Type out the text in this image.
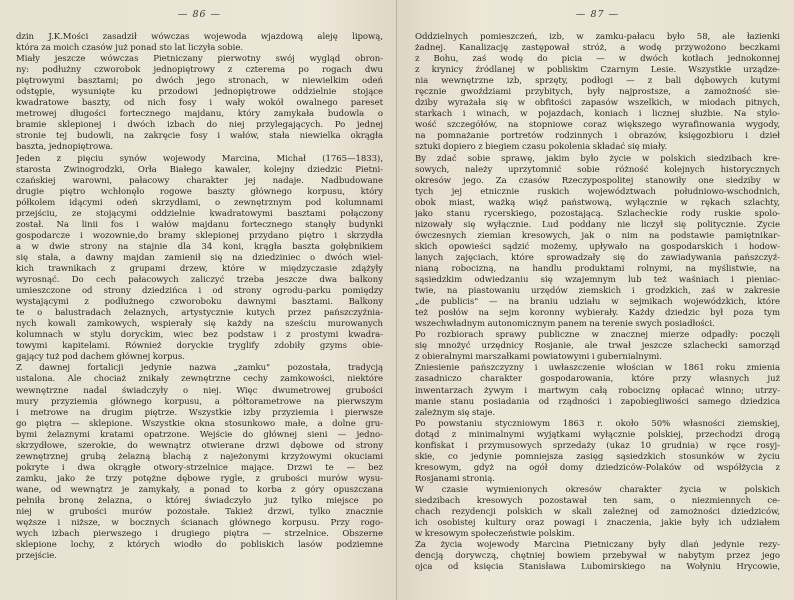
— 86 —
dzin J.K.Mości zasadził wówczas wojewoda wjazdową aleję lipową,
która za moich czasów już ponad sto lat liczyła sobie.
Miały jeszcze wówczas Pietniczany pierwotny swój wygląd obron-
ny: podłużny czworobok jednopiętrowy z czterema po rogach dwu
piętrowymi basztami; po dwóch jego stronach, w niewielkim odeń
odstępie, wysunięte ku przodowi jednopiętrowe oddzielnie stojące
kwadratowe baszty, od nich fosy i wały wokół owalnego pareset
metrowej długości fortecznego majdanu, który zamykała budowla o
bramie sklepionej i dwóch izbach do niej przylegających. Po jednej
stronie tej budowli, na zakręcie fosy i wałów, stała niewielka okrągła
baszta, jednopiętrowa.
Jeden z pięciu synów wojewody Marcina, Michał (1765—1833),
starosta Zwinogrodzki, Orła Białego kawaler, kolejny dziedzic Pietni-
czańskiej warowni, pałacowy charakter jej nadaje. Nadbudowane
drugie piętro wchłonęło rogowe baszty głównego korpusu, który
półkolem idącymi odeń skrzydłami, o zewnętrznym pod kolumnami
przejściu, ze stojącymi oddzielnie kwadratowymi basztami połączony
został. Na linii fos i wałów majdanu fortecznego stanęły budynki
gospodarcze i wozownie,do bramy sklepionej przydano piętro i skrzydła
a w dwie strony na stajnie dla 34 koni, krągła baszta gołębnikiem
się stała, a dawny majdan zamienił się na dziedziniec o dwóch wiel-
kich trawnikach z grupami drzew, które w międzyczasie zdążyły
wyrosnąć. Do cech pałacowych zaliczyć trzeba jeszcze dwa balkony
umieszczone od strony dziedzińca i od strony ogrodu-parku pomiędzy
wystającymi z podłużnego czworoboku dawnymi basztami. Balkony
te o balustradach żelaznych, artystycznie kutych przez pańszczyźnia-
nych kowali zamkowych, wspierały się każdy na sześciu murowanych
kolumnach w stylu doryckim, wiec bez podstaw i z prostymi kwadra-
towymi kapitelami. Również doryckie tryglify zdobiły gzyms obie-
gający tuż pod dachem głównej korpus.
Z dawnej fortalicji jedynie nazwa „zamku" pozostała, tradycją
ustalona. Ale chociaż znikały zewnętrzne cechy zamkowości, niektóre
wewnętrzne nadal świadczyły o niej. Więc dwumetrowej grubości
mury przyziemia głównego korpusu, a półtorametrowe na pierwszym
i metrowe na drugim piętrze. Wszystkie izby przyziemia i pierwsze
go piętra — sklepione. Wszystkie okna stosunkowo małe, a dolne gru-
bymi żelaznymi kratami opatrzone. Wejście do głównej sieni — jedno-
skrzydłowe, szerokie, do wewnątrz otwierane drzwi dębowe od strony
zewnętrznej grubą żelazną blachą z najeżonymi krzyżowymi okuciami
pokryte i dwa okrągłe otwory-strzelnice mające. Drzwi te — bez
zamku, jako że trzy potężne dębowe rygle, z grubości murów wysu-
wane, od wewnątrz je zamykały, a ponad to korba z góry opuszczana
pełniła bronę żelazna, o której świadczyło już tylko miejsce po
niej w grubości murów pozostałe. Takież drzwi, tylko znacznie
węższe i niższe, w bocznych ścianach głównego korpusu. Przy rogo-
wych izbach pierwszego i drugiego piętra — strzelnice. Obszerne
sklepione lochy, z których wiodło do pobliskich lasów podziemne
przejście.
— 87 —
Oddzielnych pomieszczeń, izb, w zamku-pałacu było 58, ale łazienki
żadnej. Kanalizację zastępował stróż, a wodę przywożono beczkami
z Bohu, zaś wodę do picia — w dwóch kotłach jednokonnej
z krynicy źródlanej w pobliskim Czarnym Lesie. Wszystkie urządze-
nia wewnętrzne izb, sprzęty, podłogi — z bali dębowych kutymi
ręcznie gwoździami przybitych, były najprostsze, a zamożność sie-
dziby wyrażała się w obfitości zapasów wszelkich, w miodach pitnych,
starkach i winach, w pojazdach, koniach i licznej służbie. Na stylo-
wość szczegółów, na stopniowe coraz większego wyrafinowania wygody,
na pomnażanie portretów rodzinnych i obrazów, księgozbioru i dzieł
sztuki dopiero z biegiem czasu pokolenia składać się miały.
By zdać sobie sprawę, jakim było życie w polskich siedzibach kre-
sowych, należy uprzytomnić sobie różność kolejnych historycznych
okresów jego. Za czasów Rzeczypospolitej stanowiły one siedziby w
tych jej etnicznie ruskich województwach południowo-wschodnich,
obok miast, ważką więź państwową, wyłącznie w rękach szlachty,
jako stanu rycerskiego, pozostającą. Szlacheckie rody ruskie spolo-
nizowały się wyłącznie. Lud poddany nie liczył się politycznie. Życie
ówczesnych ziemian kresowych, jak o nim na podstawie pamiętnikar-
skich opowieści sądzić możemy, upływało na gospodarskich i hodow-
lanych zajęciach, które sprowadzały się do zawiadywania pańszczyź-
nianą robocizną, na handlu produktami rolnymi, na myślistwie, na
sąsiedzkim odwiedzaniu się wzajemnym lub też waśniach i pieniac-
twie, na piastowaniu urzędów ziemskich i grodzkich, zaś w zakresie
„de publicis" — na braniu udziału w sejmikach wojewódzkich, które
też posłów na sejm koronny wybierały. Każdy dziedzic był poza tym
wszechwładnym autonomicznym panem na terenie swych posiadłości.
Po rozbiorach sprawy publiczne w znacznej mierze odpadły: poczęli
się mnożyć urzędnicy Rosjanie, ale trwał jeszcze szlachecki samorząd
z obieralnymi marszałkami powiatowymi i gubernialnymi.
Zniesienie pańszczyzny i uwłaszczenie włościan w 1861 roku zmienia
zasadniczo charakter gospodarowania, które przy własnych już
inwentarzach żywym i martwym całą robociznę opłacać winno; utrzy-
manie stanu posiadania od rządności i zapobiegliwości samego dziedzica
zależnym się staje.
Po powstaniu styczniowym 1863 r. około 50% własności ziemskiej,
dotąd z minimalnymi wyjątkami wyłącznie polskiej, przechodzi drogą
konfiskat i przymusowych sprzedaży (ukaz 10 grudnia) w ręce rosyj-
skie, co jedynie pomniejsza zasięg sąsiedzkich stosunków w życiu
kresowym, gdyż na ogół domy dziedziców-Polaków od współżycia z
Rosjanami stronią.
W czasie wymienionych okresów charakter życia w polskich
siedzibach kresowych pozostawał ten sam, o niezmiennych ce-
chach rezydencji polskich w skali zależnej od zamożności dziedziców,
ich osobistej kultury oraz powagi i znaczenia, jakie były ich udziałem
w kresowym społeczeństwie polskim.
Za życia wojewody Marcina Pietniczany były dlań jedynie rezy-
dencją dorywczą, chętniej bowiem przebywał w nabytym przez jego
ojca od księcia Stanisława Lubomirskiego na Wołyniu Hrycowie,
